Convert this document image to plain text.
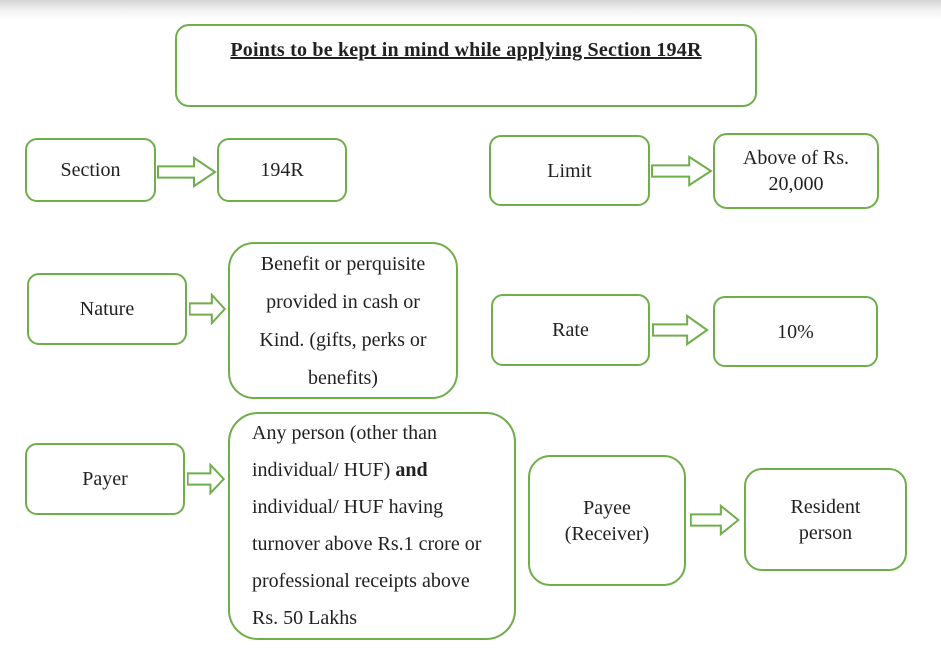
Points to be kept in mind while applying Section 194R
Section	194R	Limit
Above of Rs. 20,000
Nature
Benefit or perquisite provided in cash or Kind. (gifts, perks or benefits)
Rate	10%
Payer
Any person (other than individual/ HUF) and individual/ HUF having turnover above Rs.1 crore or professional receipts above Rs. 50 Lakhs
Payee (Receiver)
Resident person
